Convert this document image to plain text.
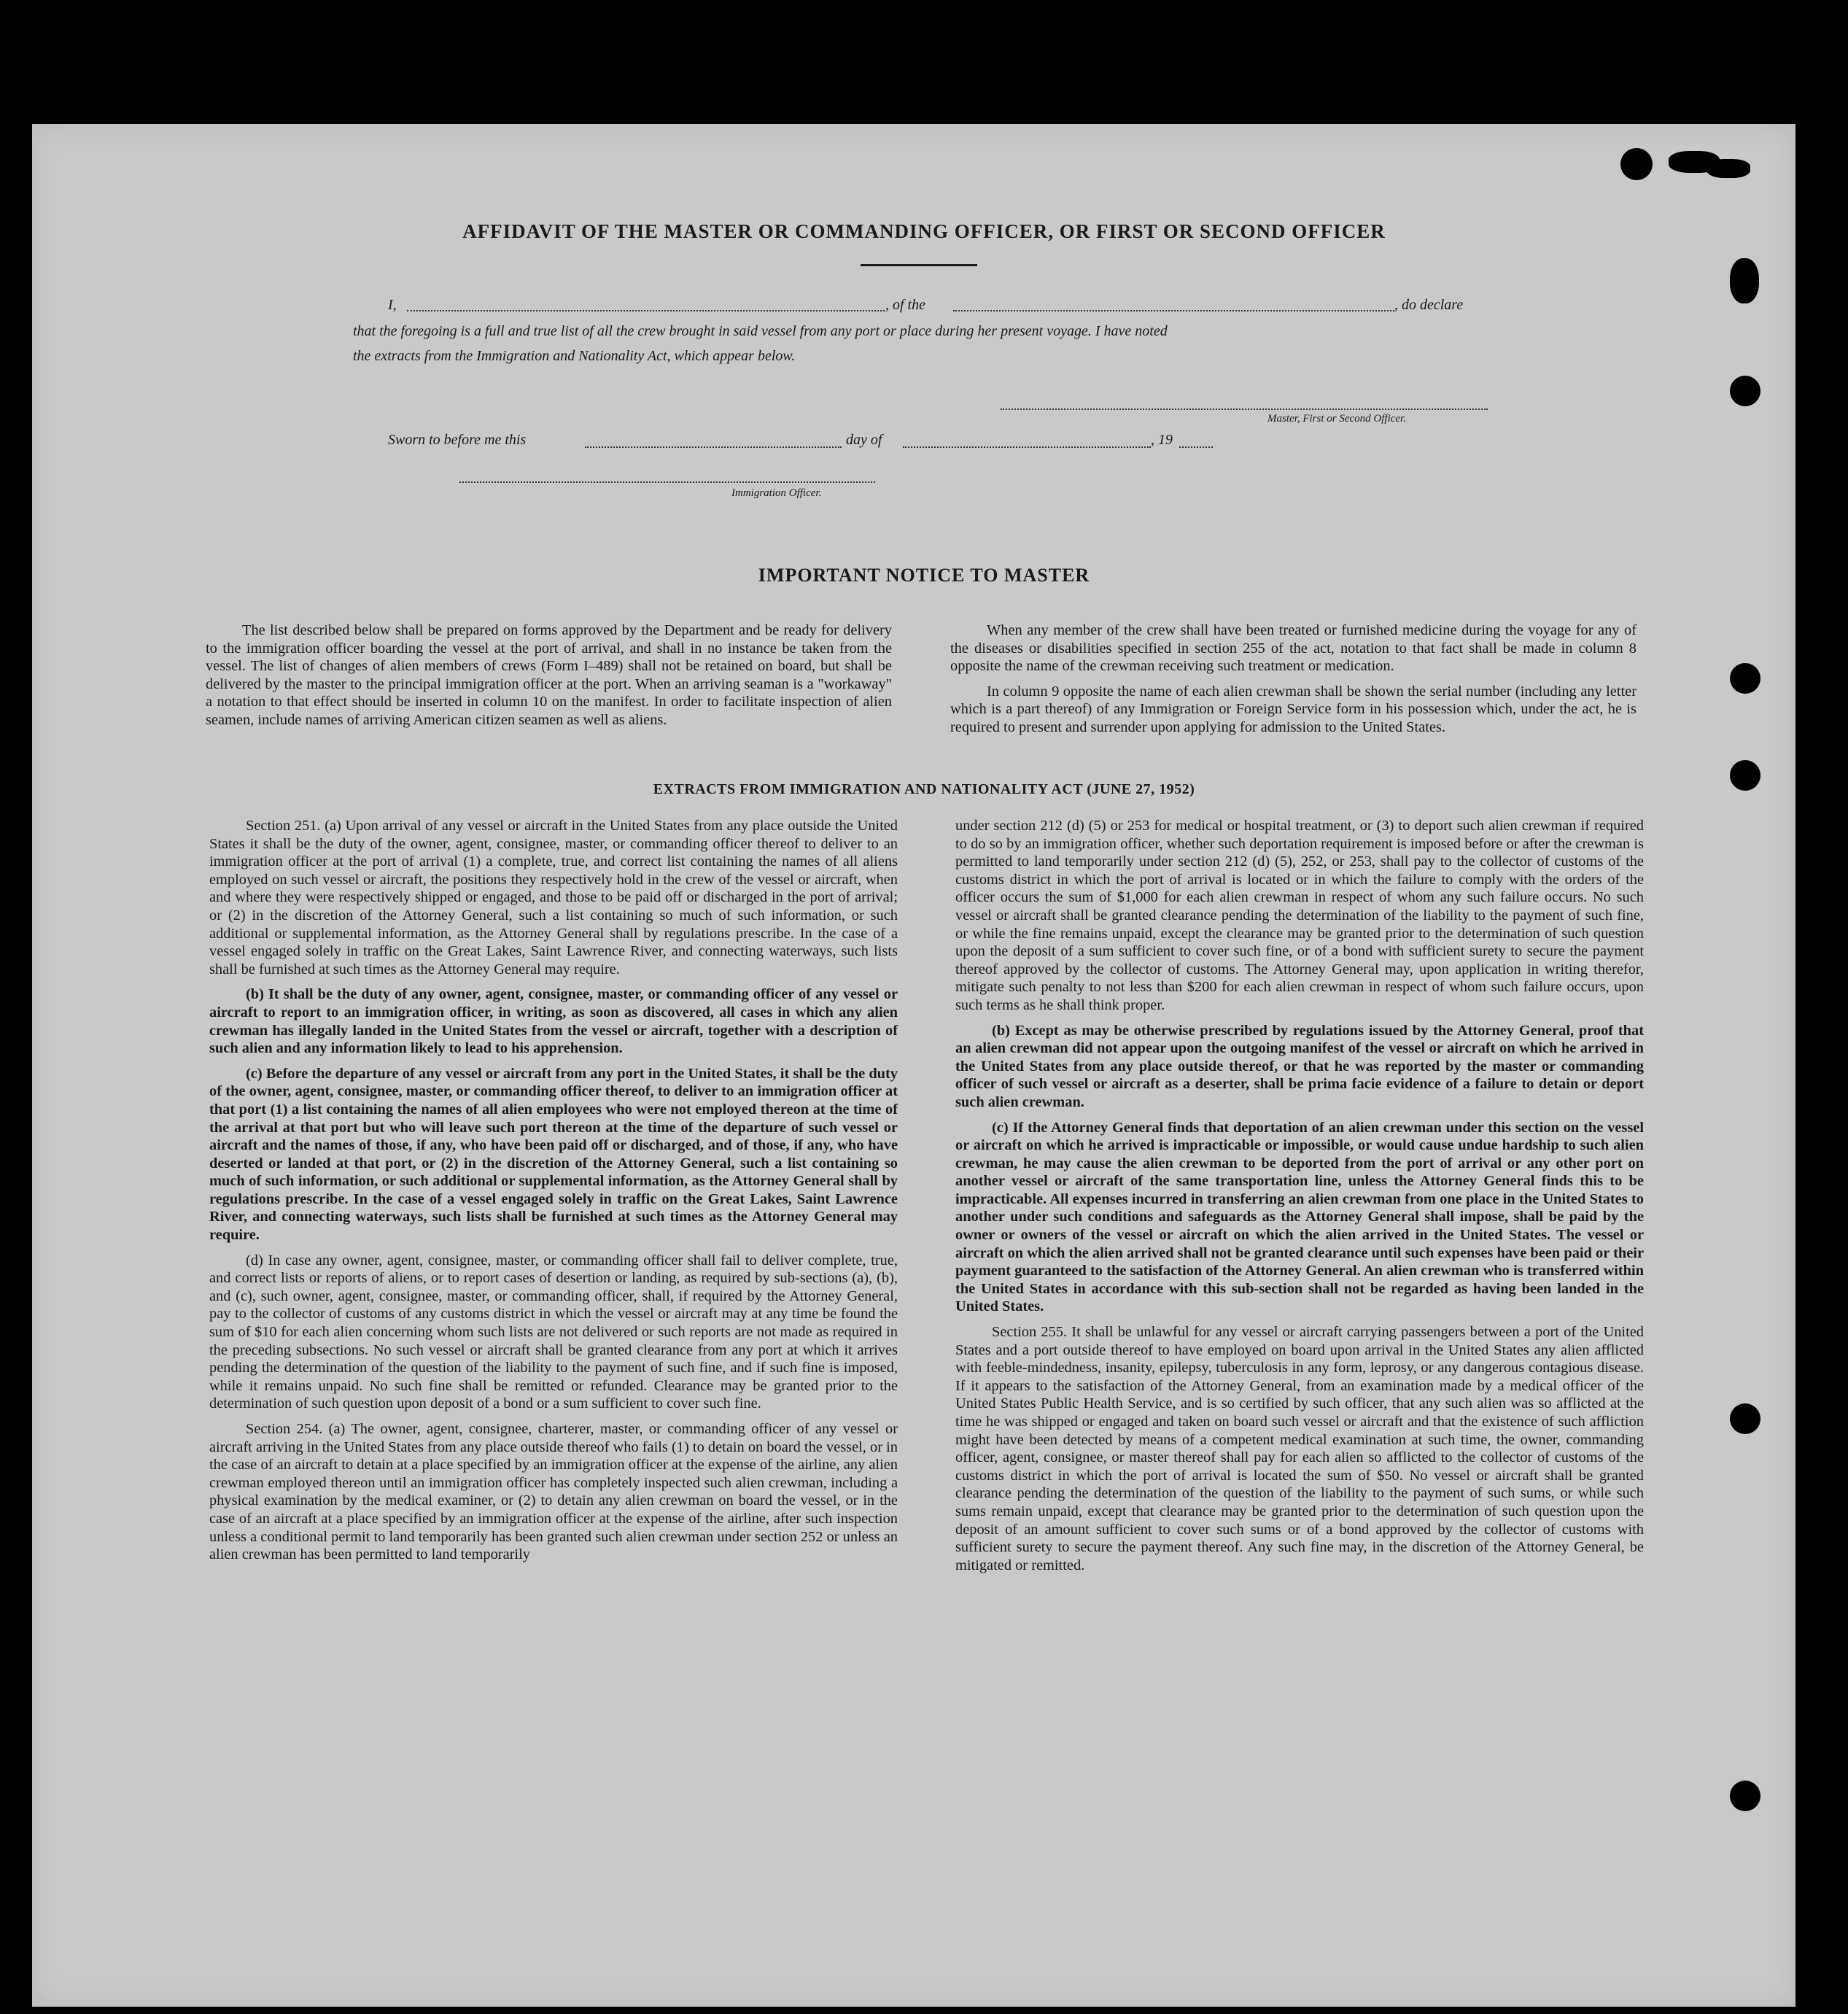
AFFIDAVIT OF THE MASTER OR COMMANDING OFFICER, OR FIRST OR SECOND OFFICER
I,	, of the	, do declare
that the foregoing is a full and true list of all the crew brought in said vessel from any port or place during her present voyage. I have noted
the extracts from the Immigration and Nationality Act, which appear below.
Master, First or Second Officer.
Sworn to before me this	day of	, 19
Immigration Officer.
IMPORTANT NOTICE TO MASTER

The list described below shall be prepared on forms approved by the Department and be ready for delivery to the immigration officer boarding the vessel at the port of arrival, and shall in no instance be taken from the vessel. The list of changes of alien members of crews (Form I–489) shall not be retained on board, but shall be delivered by the master to the principal immigration officer at the port. When an arriving seaman is a "workaway" a notation to that effect should be inserted in column 10 on the manifest. In order to facilitate inspection of alien seamen, include names of arriving American citizen seamen as well as aliens.

When any member of the crew shall have been treated or furnished medicine during the voyage for any of the diseases or disabilities specified in section 255 of the act, notation to that fact shall be made in column 8 opposite the name of the crewman receiving such treatment or medication.

In column 9 opposite the name of each alien crewman shall be shown the serial number (including any letter which is a part thereof) of any Immigration or Foreign Service form in his possession which, under the act, he is required to present and surrender upon applying for admission to the United States.

EXTRACTS FROM IMMIGRATION AND NATIONALITY ACT (JUNE 27, 1952)

Section 251. (a) Upon arrival of any vessel or aircraft in the United States from any place outside the United States it shall be the duty of the owner, agent, consignee, master, or commanding officer thereof to deliver to an immigration officer at the port of arrival (1) a complete, true, and correct list containing the names of all aliens employed on such vessel or aircraft, the positions they respectively hold in the crew of the vessel or aircraft, when and where they were respectively shipped or engaged, and those to be paid off or discharged in the port of arrival; or (2) in the discretion of the Attorney General, such a list containing so much of such information, or such additional or supplemental information, as the Attorney General shall by regulations prescribe. In the case of a vessel engaged solely in traffic on the Great Lakes, Saint Lawrence River, and connecting waterways, such lists shall be furnished at such times as the Attorney General may require.

(b) It shall be the duty of any owner, agent, consignee, master, or commanding officer of any vessel or aircraft to report to an immigration officer, in writing, as soon as discovered, all cases in which any alien crewman has illegally landed in the United States from the vessel or aircraft, together with a description of such alien and any information likely to lead to his apprehension.

(c) Before the departure of any vessel or aircraft from any port in the United States, it shall be the duty of the owner, agent, consignee, master, or commanding officer thereof, to deliver to an immigration officer at that port (1) a list containing the names of all alien employees who were not employed thereon at the time of the arrival at that port but who will leave such port thereon at the time of the departure of such vessel or aircraft and the names of those, if any, who have been paid off or discharged, and of those, if any, who have deserted or landed at that port, or (2) in the discretion of the Attorney General, such a list containing so much of such information, or such additional or supplemental information, as the Attorney General shall by regulations prescribe. In the case of a vessel engaged solely in traffic on the Great Lakes, Saint Lawrence River, and connecting waterways, such lists shall be furnished at such times as the Attorney General may require.

(d) In case any owner, agent, consignee, master, or commanding officer shall fail to deliver complete, true, and correct lists or reports of aliens, or to report cases of desertion or landing, as required by sub-sections (a), (b), and (c), such owner, agent, consignee, master, or commanding officer, shall, if required by the Attorney General, pay to the collector of customs of any customs district in which the vessel or aircraft may at any time be found the sum of $10 for each alien concerning whom such lists are not delivered or such reports are not made as required in the preceding subsections. No such vessel or aircraft shall be granted clearance from any port at which it arrives pending the determination of the question of the liability to the payment of such fine, and if such fine is imposed, while it remains unpaid. No such fine shall be remitted or refunded. Clearance may be granted prior to the determination of such question upon deposit of a bond or a sum sufficient to cover such fine.

Section 254. (a) The owner, agent, consignee, charterer, master, or commanding officer of any vessel or aircraft arriving in the United States from any place outside thereof who fails (1) to detain on board the vessel, or in the case of an aircraft to detain at a place specified by an immigration officer at the expense of the airline, any alien crewman employed thereon until an immigration officer has completely inspected such alien crewman, including a physical examination by the medical examiner, or (2) to detain any alien crewman on board the vessel, or in the case of an aircraft at a place specified by an immigration officer at the expense of the airline, after such inspection unless a conditional permit to land temporarily has been granted such alien crewman under section 252 or unless an alien crewman has been permitted to land temporarily

under section 212 (d) (5) or 253 for medical or hospital treatment, or (3) to deport such alien crewman if required to do so by an immigration officer, whether such deportation requirement is imposed before or after the crewman is permitted to land temporarily under section 212 (d) (5), 252, or 253, shall pay to the collector of customs of the customs district in which the port of arrival is located or in which the failure to comply with the orders of the officer occurs the sum of $1,000 for each alien crewman in respect of whom any such failure occurs. No such vessel or aircraft shall be granted clearance pending the determination of the liability to the payment of such fine, or while the fine remains unpaid, except the clearance may be granted prior to the determination of such question upon the deposit of a sum sufficient to cover such fine, or of a bond with sufficient surety to secure the payment thereof approved by the collector of customs. The Attorney General may, upon application in writing therefor, mitigate such penalty to not less than $200 for each alien crewman in respect of whom such failure occurs, upon such terms as he shall think proper.

(b) Except as may be otherwise prescribed by regulations issued by the Attorney General, proof that an alien crewman did not appear upon the outgoing manifest of the vessel or aircraft on which he arrived in the United States from any place outside thereof, or that he was reported by the master or commanding officer of such vessel or aircraft as a deserter, shall be prima facie evidence of a failure to detain or deport such alien crewman.

(c) If the Attorney General finds that deportation of an alien crewman under this section on the vessel or aircraft on which he arrived is impracticable or impossible, or would cause undue hardship to such alien crewman, he may cause the alien crewman to be deported from the port of arrival or any other port on another vessel or aircraft of the same transportation line, unless the Attorney General finds this to be impracticable. All expenses incurred in transferring an alien crewman from one place in the United States to another under such conditions and safeguards as the Attorney General shall impose, shall be paid by the owner or owners of the vessel or aircraft on which the alien arrived in the United States. The vessel or aircraft on which the alien arrived shall not be granted clearance until such expenses have been paid or their payment guaranteed to the satisfaction of the Attorney General. An alien crewman who is transferred within the United States in accordance with this sub-section shall not be regarded as having been landed in the United States.

Section 255. It shall be unlawful for any vessel or aircraft carrying passengers between a port of the United States and a port outside thereof to have employed on board upon arrival in the United States any alien afflicted with feeble-mindedness, insanity, epilepsy, tuberculosis in any form, leprosy, or any dangerous contagious disease. If it appears to the satisfaction of the Attorney General, from an examination made by a medical officer of the United States Public Health Service, and is so certified by such officer, that any such alien was so afflicted at the time he was shipped or engaged and taken on board such vessel or aircraft and that the existence of such affliction might have been detected by means of a competent medical examination at such time, the owner, commanding officer, agent, consignee, or master thereof shall pay for each alien so afflicted to the collector of customs of the customs district in which the port of arrival is located the sum of $50. No vessel or aircraft shall be granted clearance pending the determination of the question of the liability to the payment of such sums, or while such sums remain unpaid, except that clearance may be granted prior to the determination of such question upon the deposit of an amount sufficient to cover such sums or of a bond approved by the collector of customs with sufficient surety to secure the payment thereof. Any such fine may, in the discretion of the Attorney General, be mitigated or remitted.
